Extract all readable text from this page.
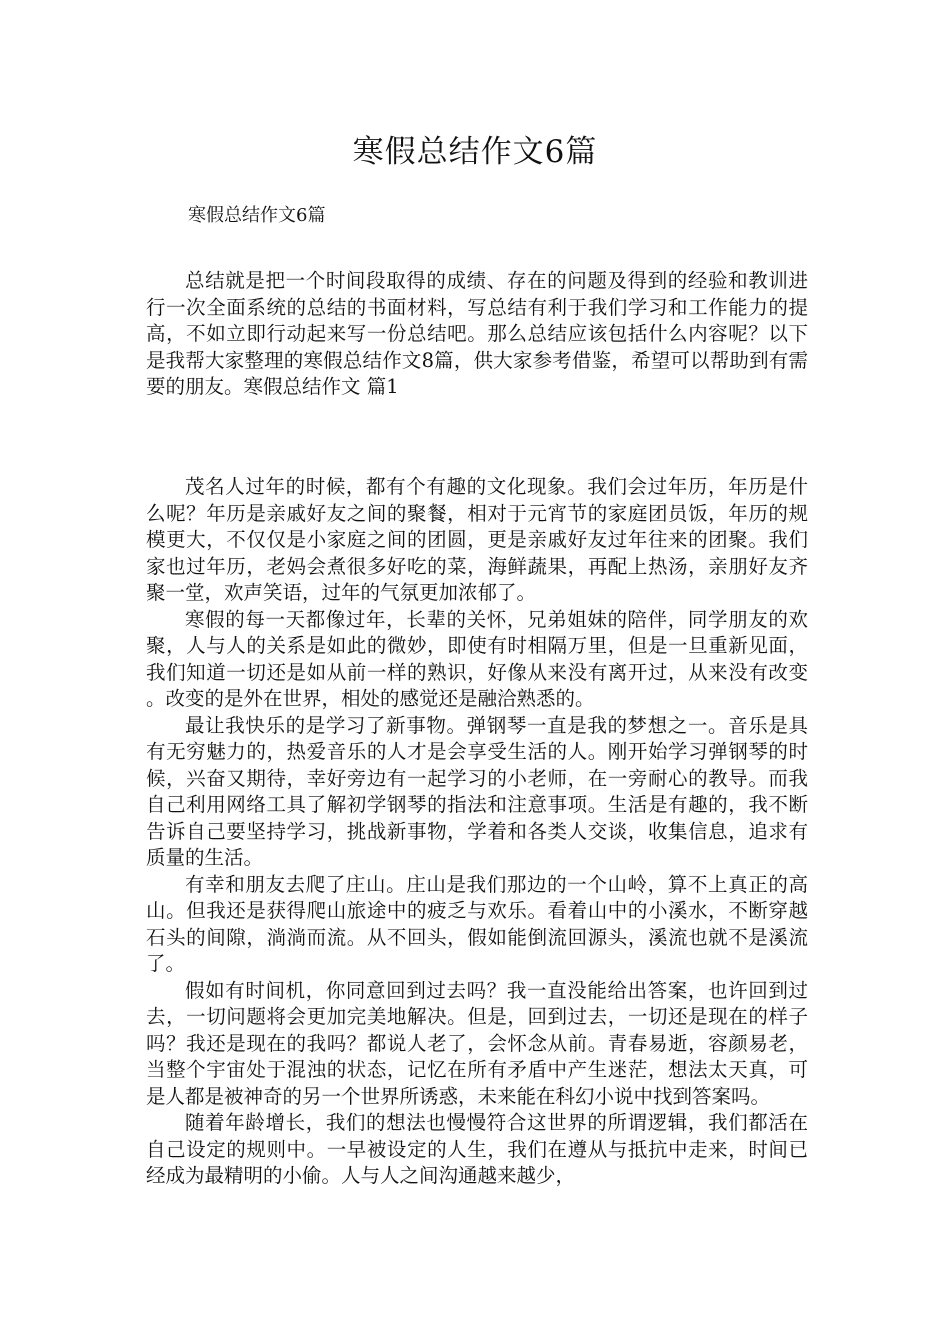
寒假总结作文6篇
寒假总结作文6篇

总结就是把一个时间段取得的成绩、存在的问题及得到的经验和教训进行一次全面系统的总结的书面材料，写总结有利于我们学习和工作能力的提高，不如立即行动起来写一份总结吧。那么总结应该包括什么内容呢？以下是我帮大家整理的寒假总结作文8篇，供大家参考借鉴，希望可以帮助到有需要的朋友。寒假总结作文 篇1

茂名人过年的时候，都有个有趣的文化现象。我们会过年历，年历是什么呢？年历是亲戚好友之间的聚餐，相对于元宵节的家庭团员饭，年历的规模更大，不仅仅是小家庭之间的团圆，更是亲戚好友过年往来的团聚。我们家也过年历，老妈会煮很多好吃的菜，海鲜蔬果，再配上热汤，亲朋好友齐聚一堂，欢声笑语，过年的气氛更加浓郁了。

寒假的每一天都像过年，长辈的关怀，兄弟姐妹的陪伴，同学朋友的欢聚，人与人的关系是如此的微妙，即使有时相隔万里，但是一旦重新见面，我们知道一切还是如从前一样的熟识，好像从来没有离开过，从来没有改变。改变的是外在世界，相处的感觉还是融洽熟悉的。

最让我快乐的是学习了新事物。弹钢琴一直是我的梦想之一。音乐是具有无穷魅力的，热爱音乐的人才是会享受生活的人。刚开始学习弹钢琴的时候，兴奋又期待，幸好旁边有一起学习的小老师，在一旁耐心的教导。而我自己利用网络工具了解初学钢琴的指法和注意事项。生活是有趣的，我不断告诉自己要坚持学习，挑战新事物，学着和各类人交谈，收集信息，追求有质量的生活。

有幸和朋友去爬了庄山。庄山是我们那边的一个山岭，算不上真正的高山。但我还是获得爬山旅途中的疲乏与欢乐。看着山中的小溪水，不断穿越石头的间隙，淌淌而流。从不回头，假如能倒流回源头，溪流也就不是溪流了。

假如有时间机，你同意回到过去吗？我一直没能给出答案，也许回到过去，一切问题将会更加完美地解决。但是，回到过去，一切还是现在的样子吗？我还是现在的我吗？都说人老了，会怀念从前。青春易逝，容颜易老，当整个宇宙处于混浊的状态，记忆在所有矛盾中产生迷茫，想法太天真，可是人都是被神奇的另一个世界所诱惑，未来能在科幻小说中找到答案吗。

随着年龄增长，我们的想法也慢慢符合这世界的所谓逻辑，我们都活在自己设定的规则中。一早被设定的人生，我们在遵从与抵抗中走来，时间已经成为最精明的小偷。人与人之间沟通越来越少，
